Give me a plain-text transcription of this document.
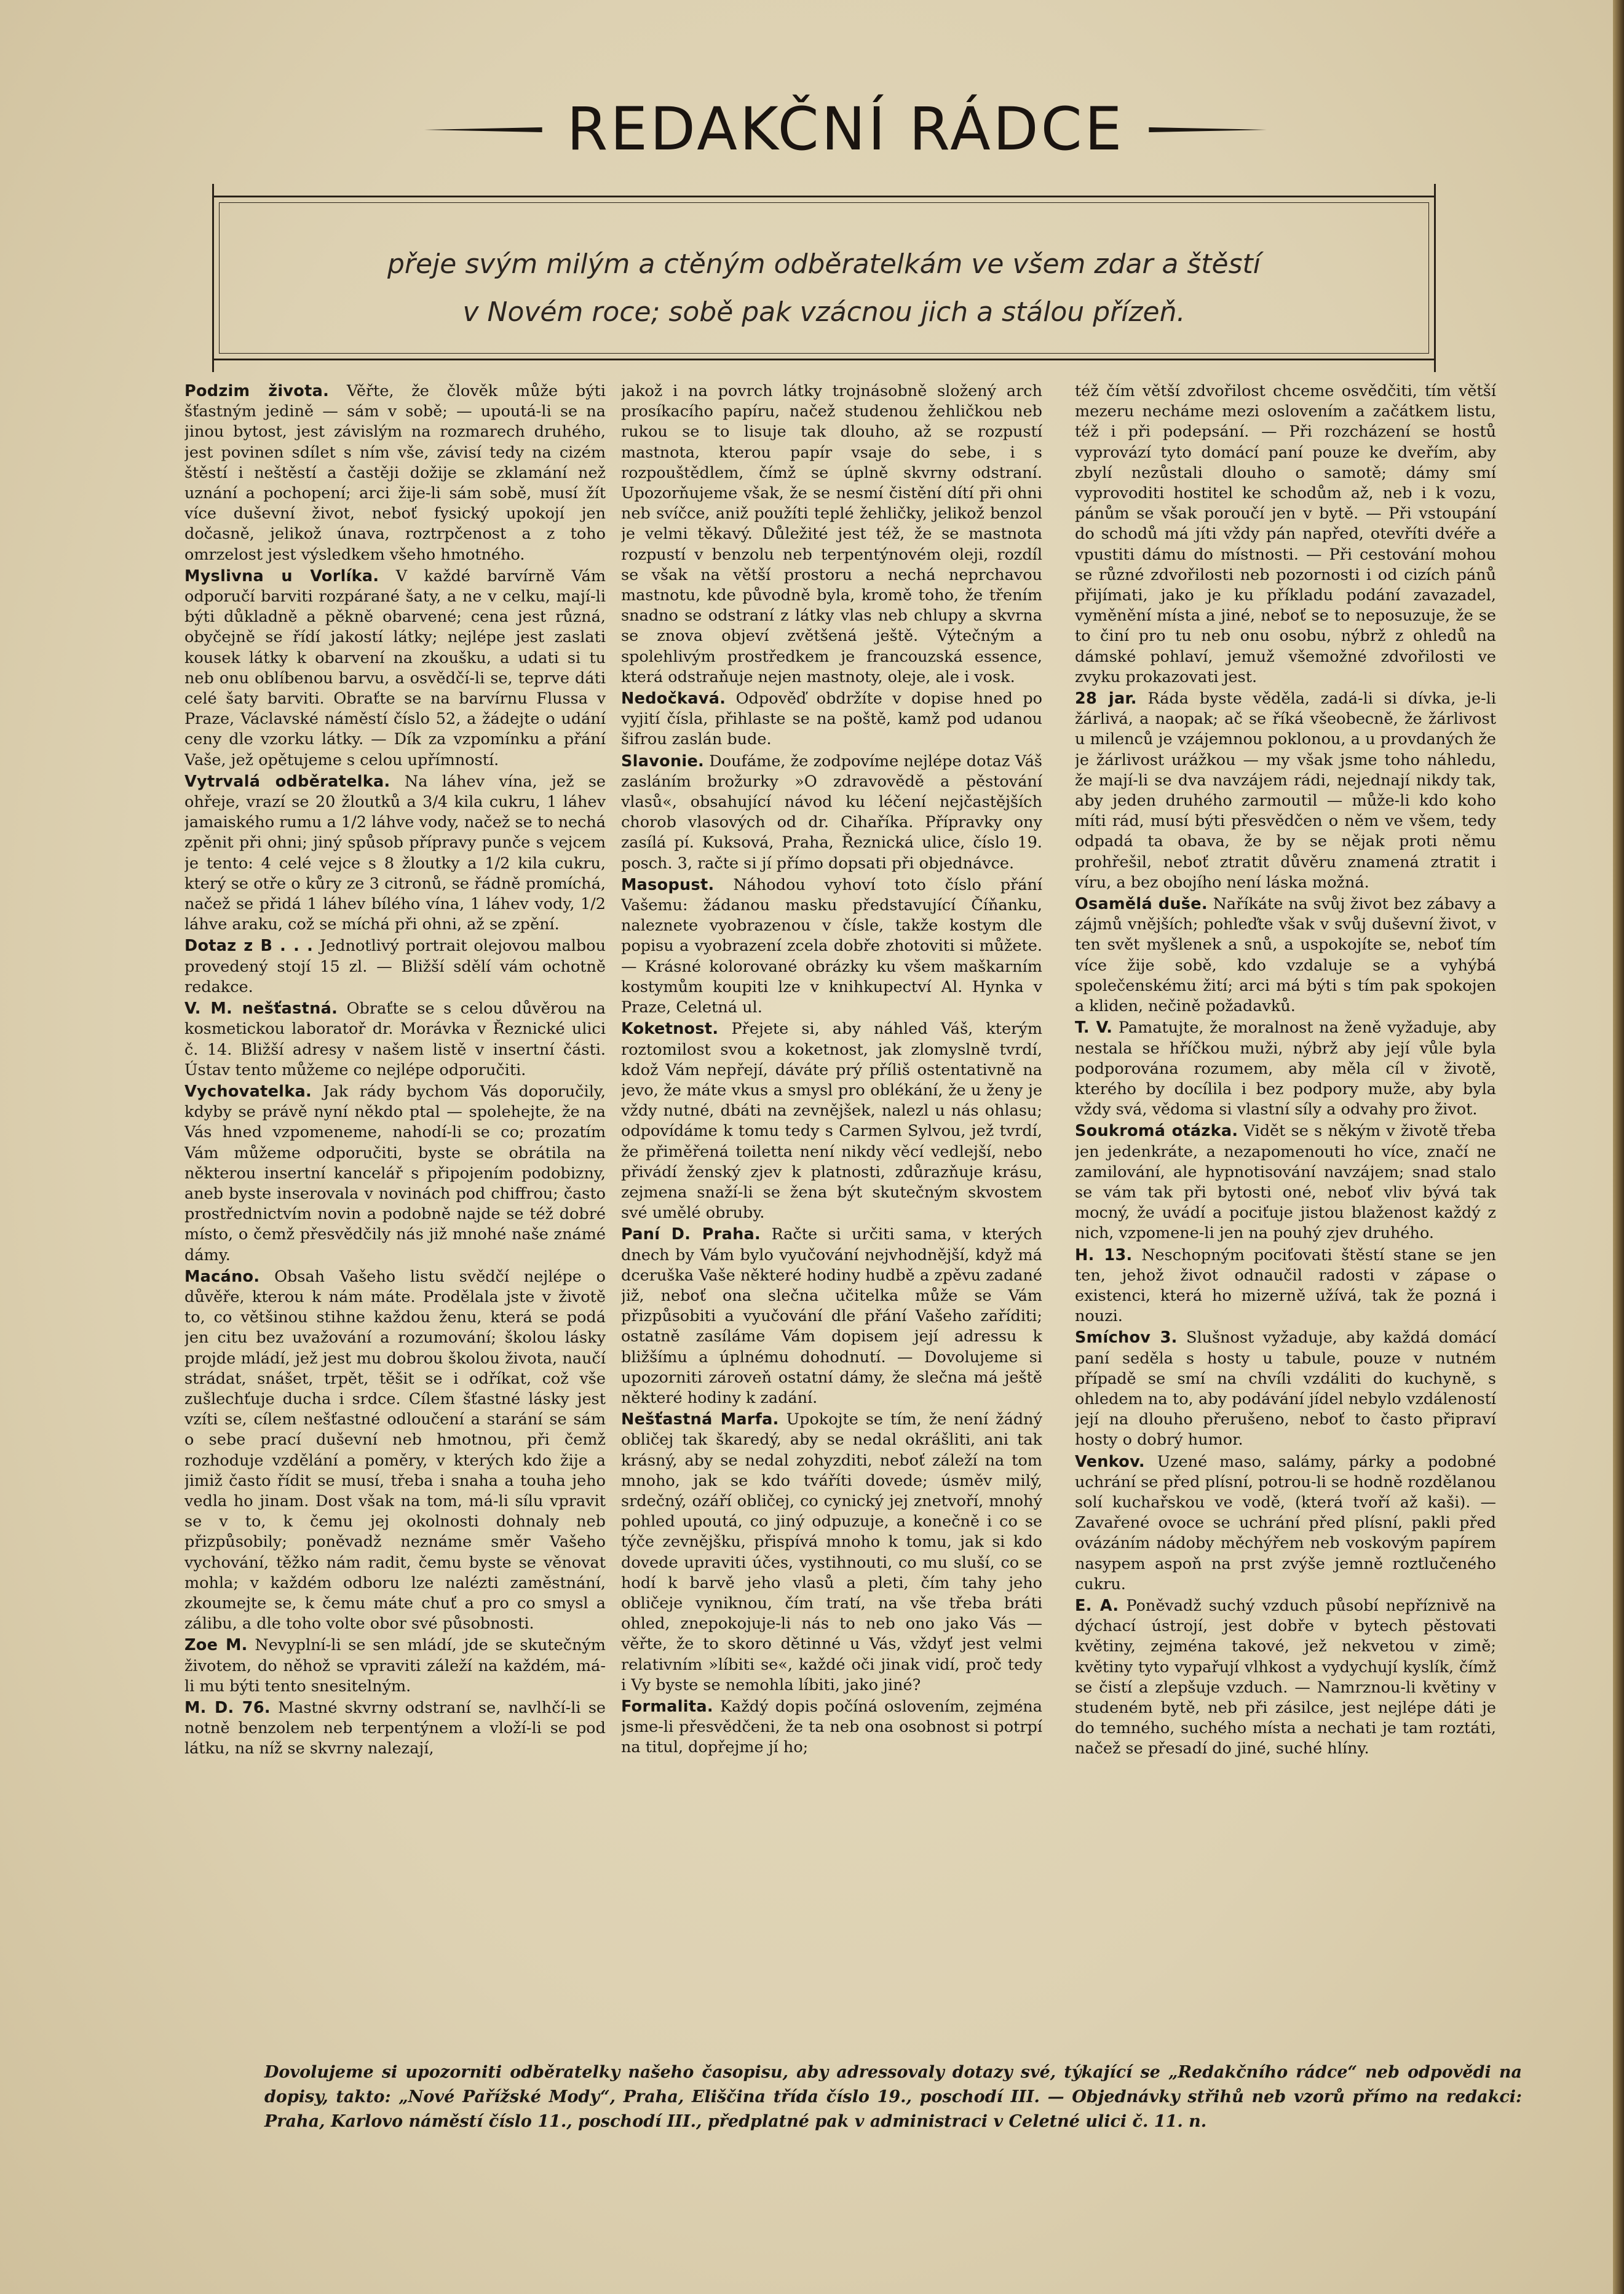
REDAKČNÍ RÁDCE
přeje svým milým a ctěným odběratelkám ve všem zdar a štěstí
v Novém roce; sobě pak vzácnou jich a stálou přízeň.

Podzim života. Věřte, že člověk může býti šťastným jedině — sám v sobě; — upoutá-li se na jinou bytost, jest závislým na rozmarech druhého, jest povinen sdílet s ním vše, závisí tedy na cizém štěstí i neštěstí a častěji dožije se zklamání než uznání a pochopení; arci žije-li sám sobě, musí žít více duševní život, neboť fysický upokojí jen dočasně, jelikož únava, roztrpčenost a z toho omrzelost jest výsledkem všeho hmotného.

Myslivna u Vorlíka. V každé barvírně Vám odporučí barviti rozpárané šaty, a ne v celku, mají-li býti důkladně a pěkně obarvené; cena jest různá, obyčejně se řídí jakostí látky; nejlépe jest zaslati kousek látky k obarvení na zkoušku, a udati si tu neb onu oblíbenou barvu, a osvědčí-li se, teprve dáti celé šaty barviti. Obraťte se na barvírnu Flussa v Praze, Václavské náměstí číslo 52, a žádejte o udání ceny dle vzorku látky. — Dík za vzpomínku a přání Vaše, jež opětujeme s celou upřímností.

Vytrvalá odběratelka. Na láhev vína, jež se ohřeje, vrazí se 20 žloutků a 3/4 kila cukru, 1 láhev jamaiského rumu a 1/2 láhve vody, načež se to nechá zpěnit při ohni; jiný spůsob přípravy punče s vejcem je tento: 4 celé vejce s 8 žloutky a 1/2 kila cukru, který se otře o kůry ze 3 citronů, se řádně promíchá, načež se přidá 1 láhev bílého vína, 1 láhev vody, 1/2 láhve araku, což se míchá při ohni, až se zpění.

Dotaz z B . . . Jednotlivý portrait olejovou malbou provedený stojí 15 zl. — Bližší sdělí vám ochotně redakce.

V. M. nešťastná. Obraťte se s celou důvěrou na kosmetickou laboratoř dr. Morávka v Řeznické ulici č. 14. Bližší adresy v našem listě v insertní části. Ústav tento můžeme co nejlépe odporučiti.

Vychovatelka. Jak rády bychom Vás doporučily, kdyby se právě nyní někdo ptal — spolehejte, že na Vás hned vzpomeneme, nahodí-li se co; prozatím Vám můžeme odporučiti, byste se obrátila na některou insertní kancelář s připojením podobizny, aneb byste inserovala v novinách pod chiffrou; často prostřednictvím novin a podobně najde se též dobré místo, o čemž přesvědčily nás již mnohé naše známé dámy.

Macáno. Obsah Vašeho listu svědčí nejlépe o důvěře, kterou k nám máte. Prodělala jste v životě to, co většinou stihne každou ženu, která se podá jen citu bez uvažování a rozumování; školou lásky projde mládí, jež jest mu dobrou školou života, naučí strádat, snášet, trpět, těšit se i odříkat, což vše zušlechťuje ducha i srdce. Cílem šťastné lásky jest vzíti se, cílem nešťastné odloučení a starání se sám o sebe prací duševní neb hmotnou, při čemž rozhoduje vzdělání a poměry, v kterých kdo žije a jimiž často řídit se musí, třeba i snaha a touha jeho vedla ho jinam. Dost však na tom, má-li sílu vpravit se v to, k čemu jej okolnosti dohnaly neb přizpůsobily; poněvadž neznáme směr Vašeho vychování, těžko nám radit, čemu byste se věnovat mohla; v každém odboru lze nalézti zaměstnání, zkoumejte se, k čemu máte chuť a pro co smysl a zálibu, a dle toho volte obor své působnosti.

Zoe M. Nevyplní-li se sen mládí, jde se skutečným životem, do něhož se vpraviti záleží na každém, má-li mu býti tento snesitelným.

M. D. 76. Mastné skvrny odstraní se, navlhčí-li se notně benzolem neb terpentýnem a vloží-li se pod látku, na níž se skvrny nalezají,

jakož i na povrch látky trojnásobně složený arch prosíkacího papíru, načež studenou žehličkou neb rukou se to lisuje tak dlouho, až se rozpustí mastnota, kterou papír vsaje do sebe, i s rozpouštědlem, čímž se úplně skvrny odstraní. Upozorňujeme však, že se nesmí čistění dítí při ohni neb svíčce, aniž použíti teplé žehličky, jelikož benzol je velmi těkavý. Důležité jest též, že se mastnota rozpustí v benzolu neb terpentýnovém oleji, rozdíl se však na větší prostoru a nechá neprchavou mastnotu, kde původně byla, kromě toho, že třením snadno se odstraní z látky vlas neb chlupy a skvrna se znova objeví zvětšená ještě. Výtečným a spolehlivým prostředkem je francouzská essence, která odstraňuje nejen mastnoty, oleje, ale i vosk.

Nedočkavá. Odpověď obdržíte v dopise hned po vyjití čísla, přihlaste se na poště, kamž pod udanou šifrou zaslán bude.

Slavonie. Doufáme, že zodpovíme nejlépe dotaz Váš zasláním brožurky »O zdravovědě a pěstování vlasů«, obsahující návod ku léčení nejčastějších chorob vlasových od dr. Cihaříka. Přípravky ony zasílá pí. Kuksová, Praha, Řeznická ulice, číslo 19. posch. 3, račte si jí přímo dopsati při objednávce.

Masopust. Náhodou vyhoví toto číslo přání Vašemu: žádanou masku představující Číňanku, naleznete vyobrazenou v čísle, takže kostym dle popisu a vyobrazení zcela dobře zhotoviti si můžete. — Krásné kolorované obrázky ku všem maškarním kostymům koupiti lze v knihkupectví Al. Hynka v Praze, Celetná ul.

Koketnost. Přejete si, aby náhled Váš, kterým roztomilost svou a koketnost, jak zlomyslně tvrdí, kdož Vám nepřejí, dáváte prý příliš ostentativně na jevo, že máte vkus a smysl pro oblékání, že u ženy je vždy nutné, dbáti na zevnějšek, nalezl u nás ohlasu; odpovídáme k tomu tedy s Carmen Sylvou, jež tvrdí, že přiměřená toiletta není nikdy věcí vedlejší, nebo přivádí ženský zjev k platnosti, zdůrazňuje krásu, zejmena snaží-li se žena být skutečným skvostem své umělé obruby.

Paní D. Praha. Račte si určiti sama, v kterých dnech by Vám bylo vyučování nejvhodnější, když má dceruška Vaše některé hodiny hudbě a zpěvu zadané již, neboť ona slečna učitelka může se Vám přizpůsobiti a vyučování dle přání Vašeho zaříditi; ostatně zasíláme Vám dopisem její adressu k bližšímu a úplnému dohodnutí. — Dovolujeme si upozorniti zároveň ostatní dámy, že slečna má ještě některé hodiny k zadání.

Nešťastná Marfa. Upokojte se tím, že není žádný obličej tak škaredý, aby se nedal okrášliti, ani tak krásný, aby se nedal zohyzditi, neboť záleží na tom mnoho, jak se kdo tváříti dovede; úsměv milý, srdečný, ozáří obličej, co cynický jej znetvoří, mnohý pohled upoutá, co jiný odpuzuje, a konečně i co se týče zevnějšku, přispívá mnoho k tomu, jak si kdo dovede upraviti účes, vystihnouti, co mu sluší, co se hodí k barvě jeho vlasů a pleti, čím tahy jeho obličeje vyniknou, čím tratí, na vše třeba bráti ohled, znepokojuje-li nás to neb ono jako Vás — věřte, že to skoro dětinné u Vás, vždyť jest velmi relativním »líbiti se«, každé oči jinak vidí, proč tedy i Vy byste se nemohla líbiti, jako jiné?

Formalita. Každý dopis počíná oslovením, zejména jsme-li přesvědčeni, že ta neb ona osobnost si potrpí na titul, dopřejme jí ho;

též čím větší zdvořilost chceme osvědčiti, tím větší mezeru necháme mezi oslovením a začátkem listu, též i při podepsání. — Při rozcházení se hostů vyprovází tyto domácí paní pouze ke dveřím, aby zbylí nezůstali dlouho o samotě; dámy smí vyprovoditi hostitel ke schodům až, neb i k vozu, pánům se však poroučí jen v bytě. — Při vstoupání do schodů má jíti vždy pán napřed, otevříti dvéře a vpustiti dámu do místnosti. — Při cestování mohou se různé zdvořilosti neb pozornosti i od cizích pánů přijímati, jako je ku příkladu podání zavazadel, vyměnění místa a jiné, neboť se to neposuzuje, že se to činí pro tu neb onu osobu, nýbrž z ohledů na dámské pohlaví, jemuž všemožné zdvořilosti ve zvyku prokazovati jest.

28 jar. Ráda byste věděla, zadá-li si dívka, je-li žárlivá, a naopak; ač se říká všeobecně, že žárlivost u milenců je vzájemnou poklonou, a u provdaných že je žárlivost urážkou — my však jsme toho náhledu, že mají-li se dva navzájem rádi, nejednají nikdy tak, aby jeden druhého zarmoutil — může-li kdo koho míti rád, musí býti přesvědčen o něm ve všem, tedy odpadá ta obava, že by se nějak proti němu prohřešil, neboť ztratit důvěru znamená ztratit i víru, a bez obojího není láska možná.

Osamělá duše. Naříkáte na svůj život bez zábavy a zájmů vnějších; pohleďte však v svůj duševní život, v ten svět myšlenek a snů, a uspokojíte se, neboť tím více žije sobě, kdo vzdaluje se a vyhýbá společenskému žití; arci má býti s tím pak spokojen a kliden, nečině požadavků.

T. V. Pamatujte, že moralnost na ženě vyžaduje, aby nestala se hříčkou muži, nýbrž aby její vůle byla podporována rozumem, aby měla cíl v životě, kterého by docílila i bez podpory muže, aby byla vždy svá, vědoma si vlastní síly a odvahy pro život.

Soukromá otázka. Vidět se s někým v životě třeba jen jedenkráte, a nezapomenouti ho více, značí ne zamilování, ale hypnotisování navzájem; snad stalo se vám tak při bytosti oné, neboť vliv bývá tak mocný, že uvádí a pociťuje jistou blaženost každý z nich, vzpomene-li jen na pouhý zjev druhého.

H. 13. Neschopným pociťovati štěstí stane se jen ten, jehož život odnaučil radosti v zápase o existenci, která ho mizerně užívá, tak že pozná i nouzi.

Smíchov 3. Slušnost vyžaduje, aby každá domácí paní seděla s hosty u tabule, pouze v nutném případě se smí na chvíli vzdáliti do kuchyně, s ohledem na to, aby podávání jídel nebylo vzdáleností její na dlouho přerušeno, neboť to často připraví hosty o dobrý humor.

Venkov. Uzené maso, salámy, párky a podobné uchrání se před plísní, potrou-li se hodně rozdělanou solí kuchařskou ve vodě, (která tvoří až kaši). — Zavařené ovoce se uchrání před plísní, pakli před ovázáním nádoby měchýřem neb voskovým papírem nasypem aspoň na prst zvýše jemně roztlučeného cukru.

E. A. Poněvadž suchý vzduch působí nepříznivě na dýchací ústrojí, jest dobře v bytech pěstovati květiny, zejména takové, jež nekvetou v zimě; květiny tyto vypařují vlhkost a vydychují kyslík, čímž se čistí a zlepšuje vzduch. — Namrznou-li květiny v studeném bytě, neb při zásilce, jest nejlépe dáti je do temného, suchého místa a nechati je tam roztáti, načež se přesadí do jiné, suché hlíny.

Dovolujeme si upozorniti odběratelky našeho časopisu, aby adressovaly dotazy své, týkající se „Redakčního rádce“ neb odpovědi na dopisy, takto: „Nové Pařížské Mody“, Praha, Eliščina třída číslo 19., poschodí III. — Objednávky střihů neb vzorů přímo na redakci: Praha, Karlovo náměstí číslo 11., poschodí III., předplatné pak v administraci v Celetné ulici č. 11. n.
